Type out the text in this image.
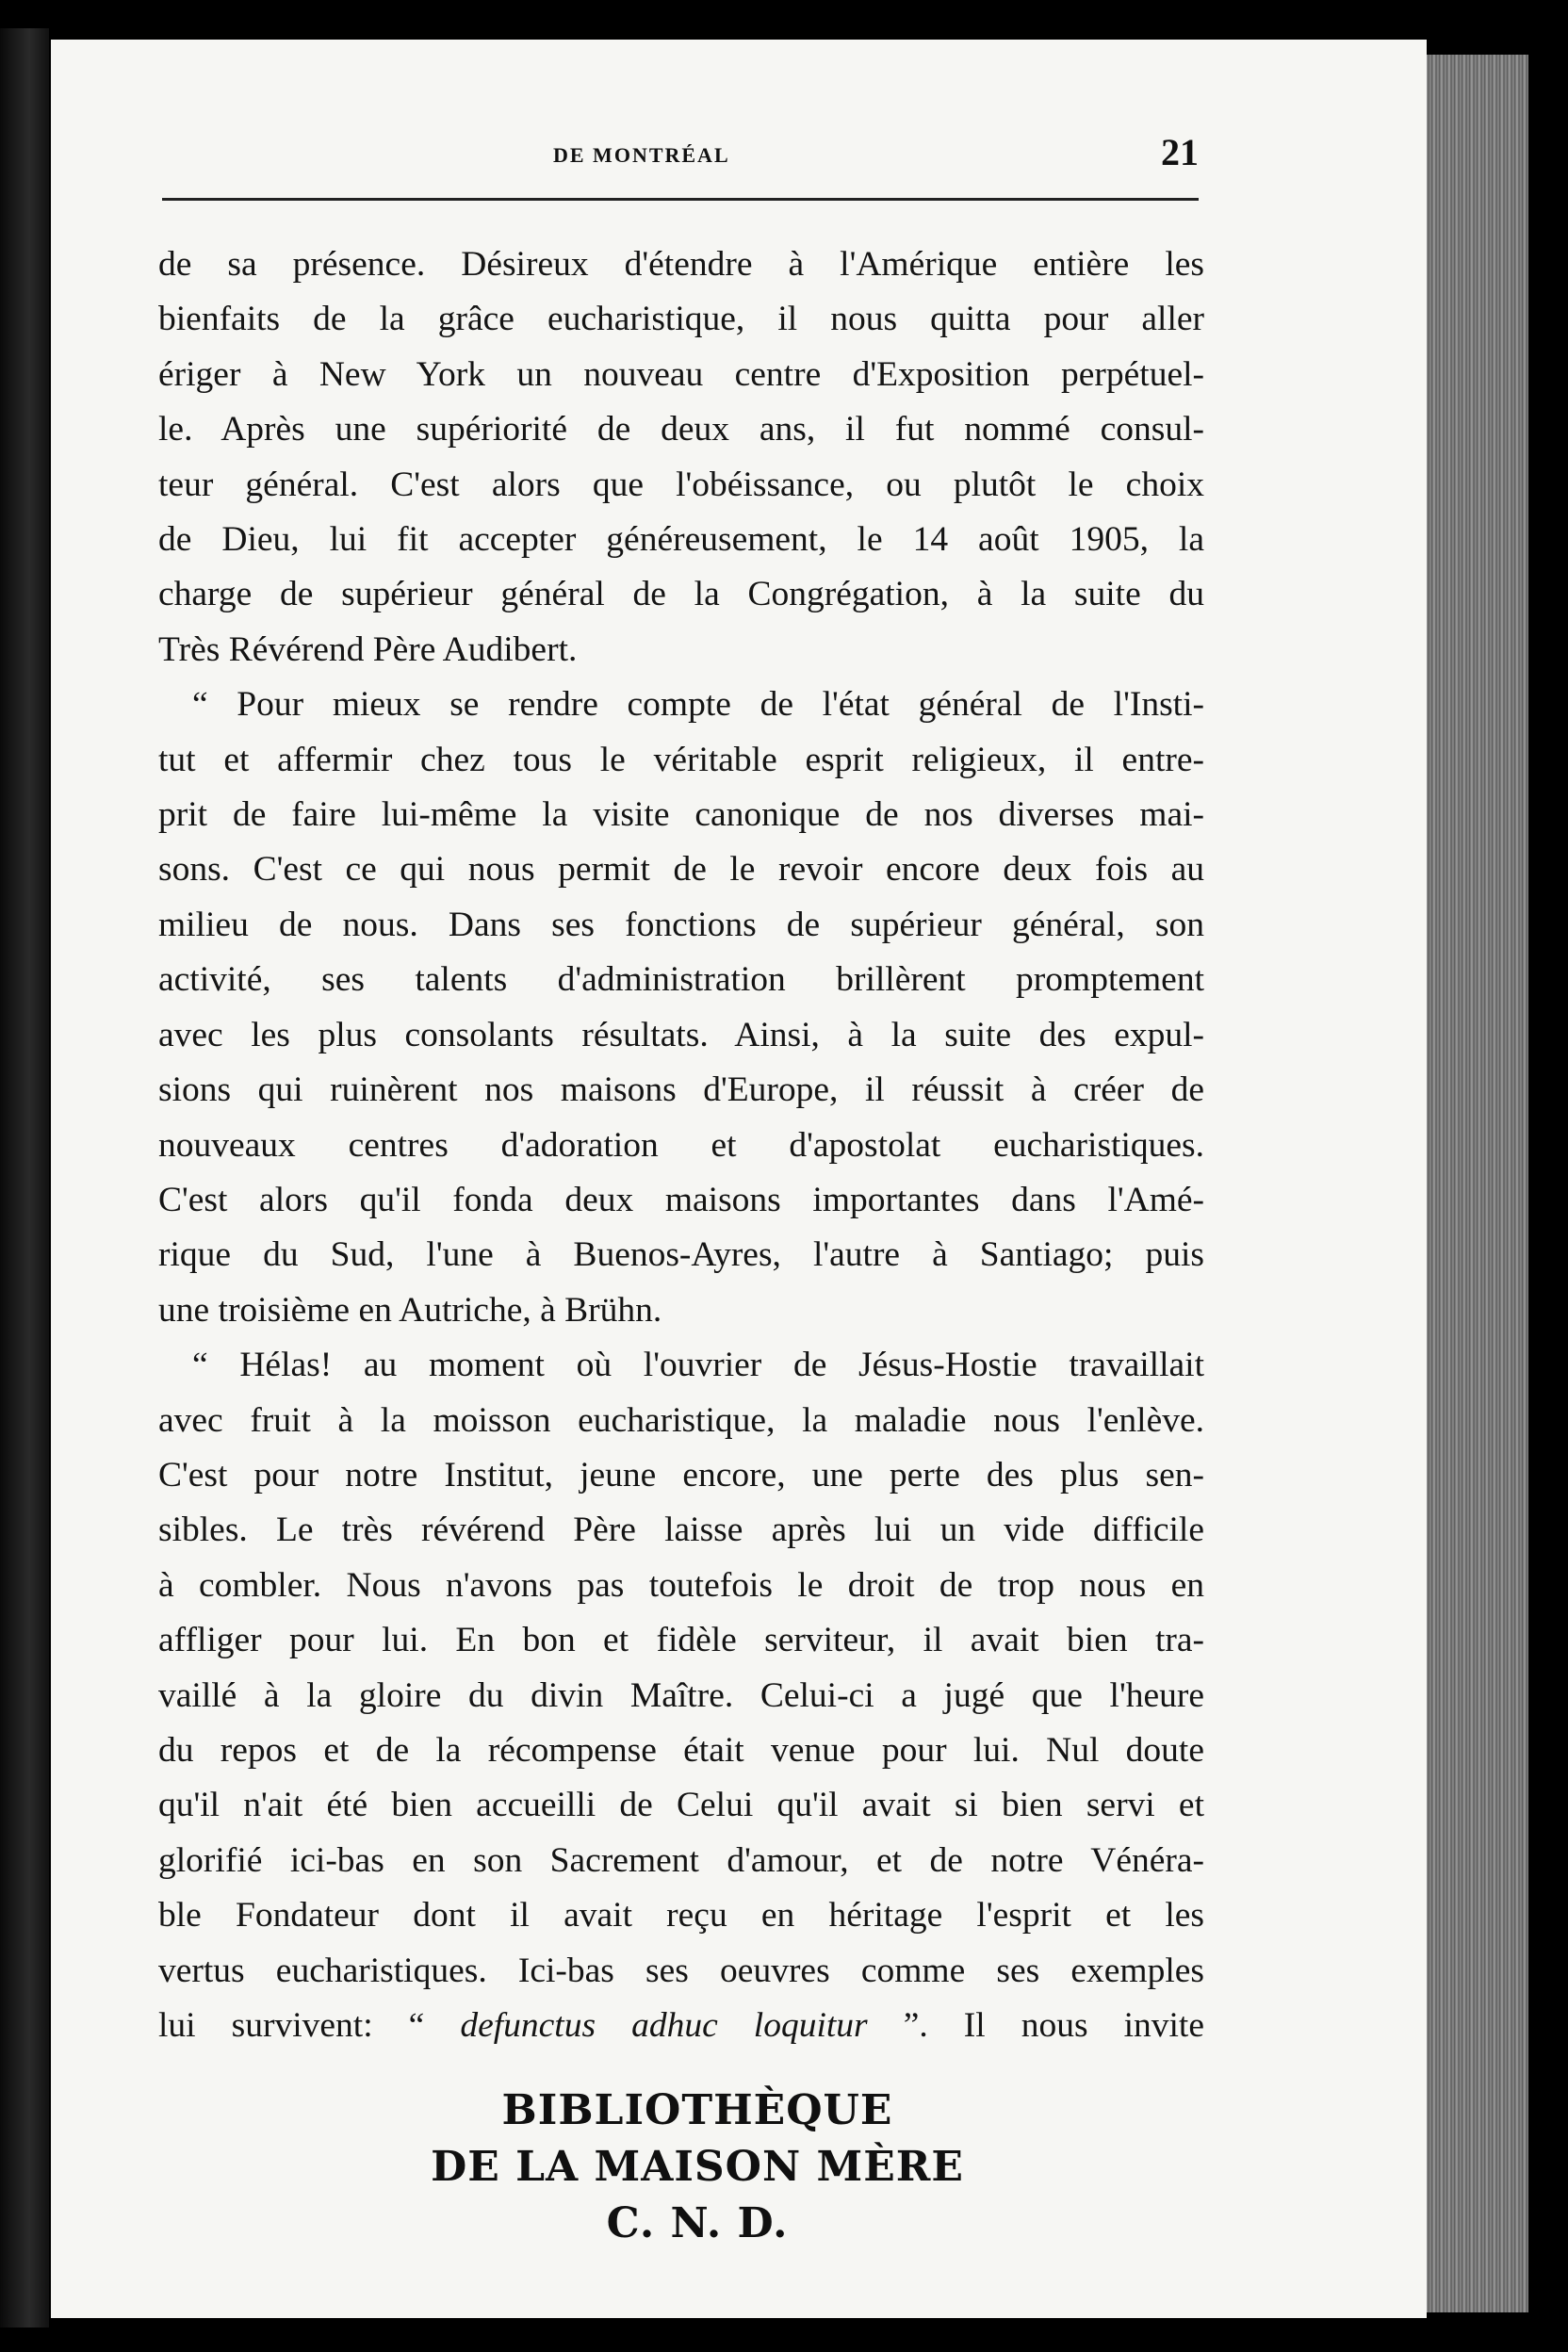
DE MONTRÉAL	21
de sa présence. Désireux d'étendre à l'Amérique entière les
bienfaits de la grâce eucharistique, il nous quitta pour aller
ériger à New York un nouveau centre d'Exposition perpétuel-
le. Après une supériorité de deux ans, il fut nommé consul-
teur général. C'est alors que l'obéissance, ou plutôt le choix
de Dieu, lui fit accepter généreusement, le 14 août 1905, la
charge de supérieur général de la Congrégation, à la suite du
Très Révérend Père Audibert.
“ Pour mieux se rendre compte de l'état général de l'Insti-
tut et affermir chez tous le véritable esprit religieux, il entre-
prit de faire lui-même la visite canonique de nos diverses mai-
sons. C'est ce qui nous permit de le revoir encore deux fois au
milieu de nous. Dans ses fonctions de supérieur général, son
activité, ses talents d'administration brillèrent promptement
avec les plus consolants résultats. Ainsi, à la suite des expul-
sions qui ruinèrent nos maisons d'Europe, il réussit à créer de
nouveaux centres d'adoration et d'apostolat eucharistiques.
C'est alors qu'il fonda deux maisons importantes dans l'Amé-
rique du Sud, l'une à Buenos-Ayres, l'autre à Santiago; puis
une troisième en Autriche, à Brühn.
“ Hélas! au moment où l'ouvrier de Jésus-Hostie travaillait
avec fruit à la moisson eucharistique, la maladie nous l'enlève.
C'est pour notre Institut, jeune encore, une perte des plus sen-
sibles. Le très révérend Père laisse après lui un vide difficile
à combler. Nous n'avons pas toutefois le droit de trop nous en
affliger pour lui. En bon et fidèle serviteur, il avait bien tra-
vaillé à la gloire du divin Maître. Celui-ci a jugé que l'heure
du repos et de la récompense était venue pour lui. Nul doute
qu'il n'ait été bien accueilli de Celui qu'il avait si bien servi et
glorifié ici-bas en son Sacrement d'amour, et de notre Vénéra-
ble Fondateur dont il avait reçu en héritage l'esprit et les
vertus eucharistiques. Ici-bas ses oeuvres comme ses exemples
lui survivent: “ defunctus adhuc loquitur ”. Il nous invite
BIBLIOTHÈQUE
DE LA MAISON MÈRE
C. N. D.
